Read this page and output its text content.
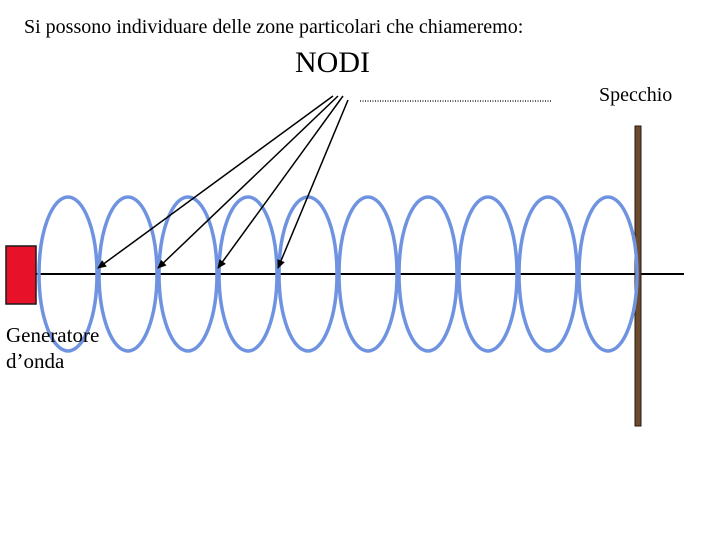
Si possono individuare delle zone particolari che chiameremo:
NODI
Specchio
Generatore
d’onda
